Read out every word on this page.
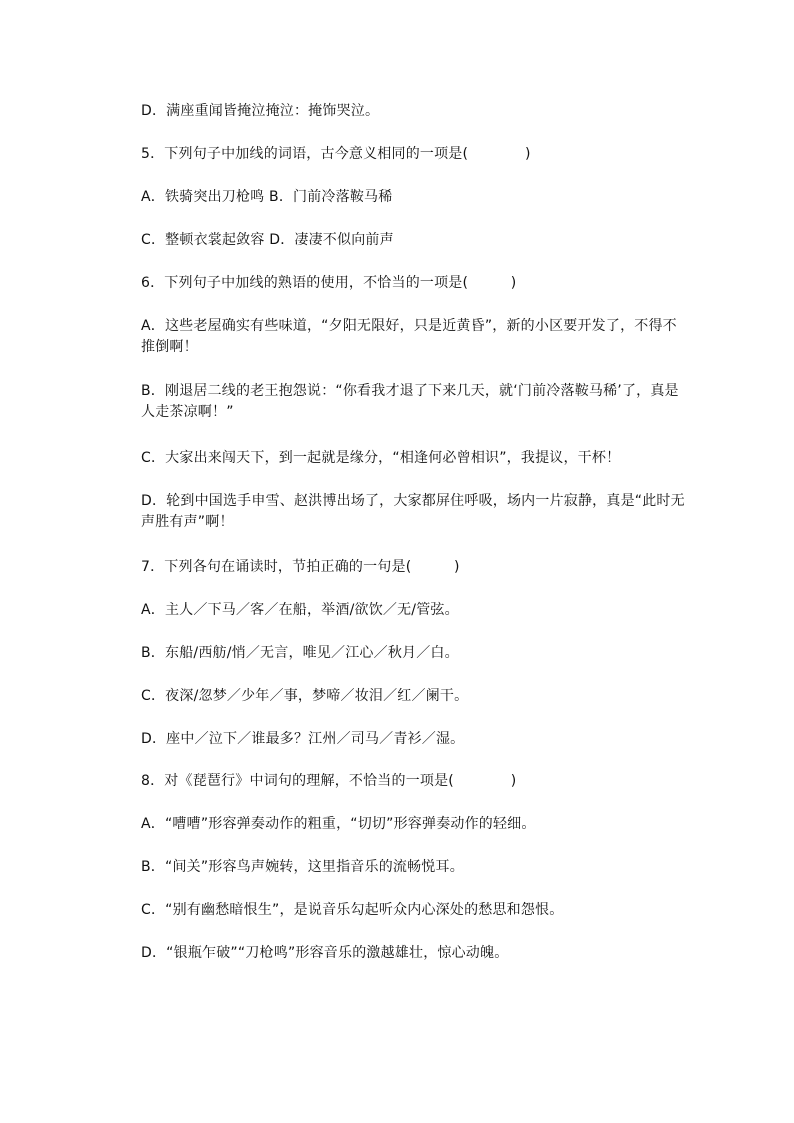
D．满座重闻皆掩泣掩泣：掩饰哭泣。
5．下列句子中加线的词语，古今意义相同的一项是(　　　　)
A．铁骑突出刀枪鸣 B．门前冷落鞍马稀
C．整顿衣裳起敛容 D．凄凄不似向前声
6．下列句子中加线的熟语的使用，不恰当的一项是(　　　)
A．这些老屋确实有些味道，“夕阳无限好，只是近黄昏”，新的小区要开发了，不得不推倒啊！
B．刚退居二线的老王抱怨说：“你看我才退了下来几天，就‘门前冷落鞍马稀’了，真是人走茶凉啊！”
C．大家出来闯天下，到一起就是缘分，“相逢何必曾相识”，我提议，干杯！
D．轮到中国选手申雪、赵洪博出场了，大家都屏住呼吸，场内一片寂静，真是“此时无声胜有声”啊！
7．下列各句在诵读时，节拍正确的一句是(　　　)
A．主人／下马／客／在船，举酒/欲饮／无/管弦。
B．东船/西舫/悄／无言，唯见／江心／秋月／白。
C．夜深/忽梦／少年／事，梦啼／妆泪／红／阑干。
D．座中／泣下／谁最多？江州／司马／青衫／湿。
8．对《琵琶行》中词句的理解，不恰当的一项是(　　　　)
A．“嘈嘈”形容弹奏动作的粗重，“切切”形容弹奏动作的轻细。
B．“间关”形容鸟声婉转，这里指音乐的流畅悦耳。
C．“别有幽愁暗恨生”，是说音乐勾起听众内心深处的愁思和怨恨。
D．“银瓶乍破”“刀枪鸣”形容音乐的激越雄壮，惊心动魄。
